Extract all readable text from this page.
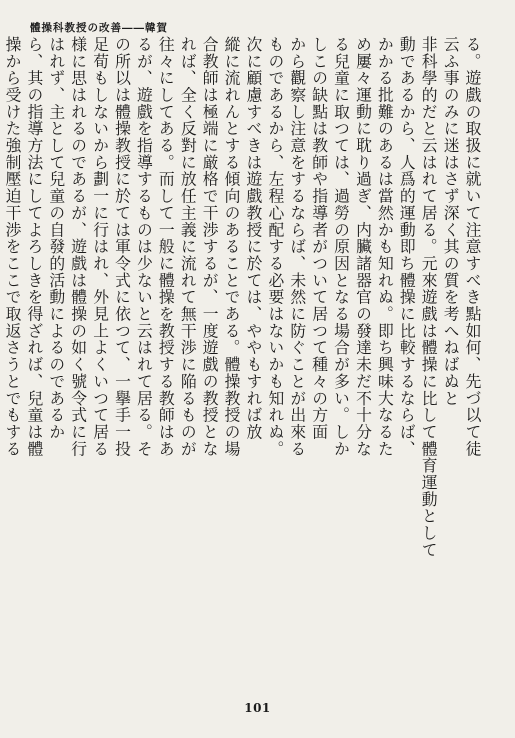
體操科教授の改善――韓賀
る。遊戲の取扱に就いて注意すべき點如何、先づ以て徒
云ふ事のみに迷はさず深く其の質を考へねばぬと
非科學的だと云はれて居る。元來遊戲は體操に比して體育運動として
動であるから、人爲的運動即ち體操に比較するならば、
かかる批難のあるは當然かも知れぬ。即ち興味大なるた
め屢々運動に耽り過ぎ、内臟諸器官の發達未だ不十分な
る兒童に取つては、過勞の原因となる場合が多い。しか
しこの缺點は教師や指導者がついて居つて種々の方面
から觀察し注意をするならば、未然に防ぐことが出來る
ものであるから、左程心配する必要はないかも知れぬ。
次に顧慮すべきは遊戲教授に於ては、ややもすれば放
縱に流れんとする傾向のあることである。體操教授の場
合教師は極端に厳格で干渉するが、一度遊戲の教授とな
れば、全く反對に放任主義に流れて無干渉に陥るものが
往々にしてある。而して一般に體操を教授する教師はあ
るが、遊戲を指導するものは少ないと云はれて居る。そ
の所以は體操教授に於ては軍令式に依つて、一擧手一投
足荀もしないから劃一に行はれ、外見上よくいつて居る
様に思はれるのであるが、遊戲は體操の如く號令式に行
はれず、主として兒童の自發的活動によるのであるか
ら、其の指導方法にしてよろしきを得ざれば、兒童は體
操から受けた強制壓迫干渉をここで取返さうとでもする
101
